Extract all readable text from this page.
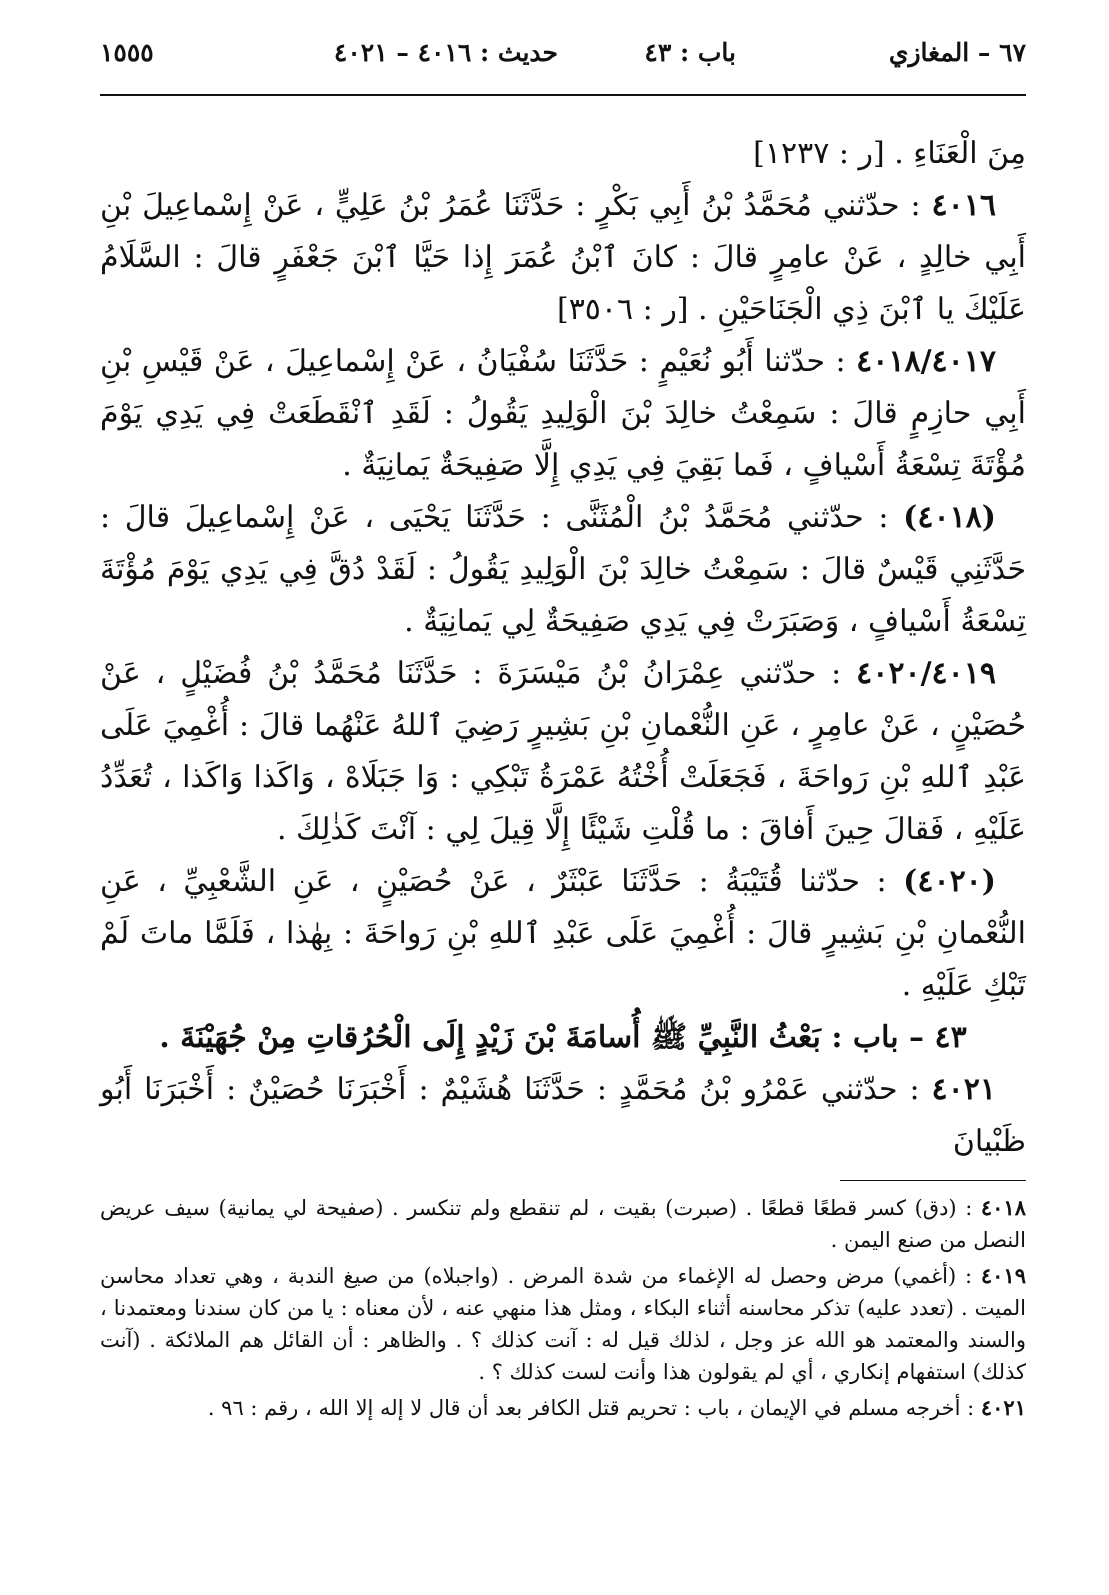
٦٧ – المغازي
باب : ٤٣
حديث : ٤٠١٦ – ٤٠٢١
١٥٥٥

مِنَ الْعَنَاءِ . [ر : ١٢٣٧]

٤٠١٦ : حدّثني مُحَمَّدُ بْنُ أَبِي بَكْرٍ : حَدَّثَنَا عُمَرُ بْنُ عَلِيٍّ ، عَنْ إِسْماعِيلَ بْنِ أَبِي خالِدٍ ، عَنْ عامِرٍ قالَ : كانَ ٱبْنُ عُمَرَ إِذا حَيَّا ٱبْنَ جَعْفَرٍ قالَ : السَّلَامُ عَلَيْكَ يا ٱبْنَ ذِي الْجَنَاحَيْنِ . [ر : ٣٥٠٦]

٤٠١٨/٤٠١٧ : حدّثنا أَبُو نُعَيْمٍ : حَدَّثَنَا سُفْيَانُ ، عَنْ إِسْماعِيلَ ، عَنْ قَيْسِ بْنِ أَبِي حازِمٍ قالَ : سَمِعْتُ خالِدَ بْنَ الْوَلِيدِ يَقُولُ : لَقَدِ ٱنْقَطَعَتْ فِي يَدِي يَوْمَ مُؤْتَةَ تِسْعَةُ أَسْيافٍ ، فَما بَقِيَ فِي يَدِي إِلَّا صَفِيحَةٌ يَمانِيَةٌ .

(٤٠١٨) : حدّثني مُحَمَّدُ بْنُ الْمُثَنَّى : حَدَّثَنَا يَحْيَى ، عَنْ إِسْماعِيلَ قالَ : حَدَّثَنِي قَيْسٌ قالَ : سَمِعْتُ خالِدَ بْنَ الْوَلِيدِ يَقُولُ : لَقَدْ دُقَّ فِي يَدِي يَوْمَ مُؤْتَةَ تِسْعَةُ أَسْيافٍ ، وَصَبَرَتْ فِي يَدِي صَفِيحَةٌ لِي يَمانِيَةٌ .

٤٠٢٠/٤٠١٩ : حدّثني عِمْرَانُ بْنُ مَيْسَرَةَ : حَدَّثَنَا مُحَمَّدُ بْنُ فُضَيْلٍ ، عَنْ حُصَيْنٍ ، عَنْ عامِرٍ ، عَنِ النُّعْمانِ بْنِ بَشِيرٍ رَضِيَ ٱللهُ عَنْهُما قالَ : أُغْمِيَ عَلَى عَبْدِ ٱللهِ بْنِ رَواحَةَ ، فَجَعَلَتْ أُخْتُهُ عَمْرَةُ تَبْكِي : وَا جَبَلَاهْ ، وَاكَذا وَاكَذا ، تُعَدِّدُ عَلَيْهِ ، فَقالَ حِينَ أَفاقَ : ما قُلْتِ شَيْئًا إِلَّا قِيلَ لِي : آنْتَ كَذٰلِكَ .

(٤٠٢٠) : حدّثنا قُتَيْبَةُ : حَدَّثَنَا عَبْثَرٌ ، عَنْ حُصَيْنٍ ، عَنِ الشَّعْبِيِّ ، عَنِ النُّعْمانِ بْنِ بَشِيرٍ قالَ : أُغْمِيَ عَلَى عَبْدِ ٱللهِ بْنِ رَواحَةَ : بِهٰذا ، فَلَمَّا ماتَ لَمْ تَبْكِ عَلَيْهِ .

٤٣ – باب : بَعْثُ النَّبِيِّ ﷺ أُسامَةَ بْنَ زَيْدٍ إِلَى الْحُرُقاتِ مِنْ جُهَيْنَةَ .

٤٠٢١ : حدّثني عَمْرُو بْنُ مُحَمَّدٍ : حَدَّثَنَا هُشَيْمٌ : أَخْبَرَنَا حُصَيْنٌ : أَخْبَرَنَا أَبُو ظَبْيانَ

٤٠١٨ : (دق) كسر قطعًا قطعًا . (صبرت) بقيت ، لم تنقطع ولم تنكسر . (صفيحة لي يمانية) سيف عريض النصل من صنع اليمن .

٤٠١٩ : (أغمي) مرض وحصل له الإغماء من شدة المرض . (واجبلاه) من صيغ الندبة ، وهي تعداد محاسن الميت . (تعدد عليه) تذكر محاسنه أثناء البكاء ، ومثل هذا منهي عنه ، لأن معناه : يا من كان سندنا ومعتمدنا ، والسند والمعتمد هو الله عز وجل ، لذلك قيل له : آنت كذلك ؟ . والظاهر : أن القائل هم الملائكة . (آنت كذلك) استفهام إنكاري ، أي لم يقولون هذا وأنت لست كذلك ؟ .

٤٠٢١ : أخرجه مسلم في الإيمان ، باب : تحريم قتل الكافر بعد أن قال لا إله إلا الله ، رقم : ٩٦ .
